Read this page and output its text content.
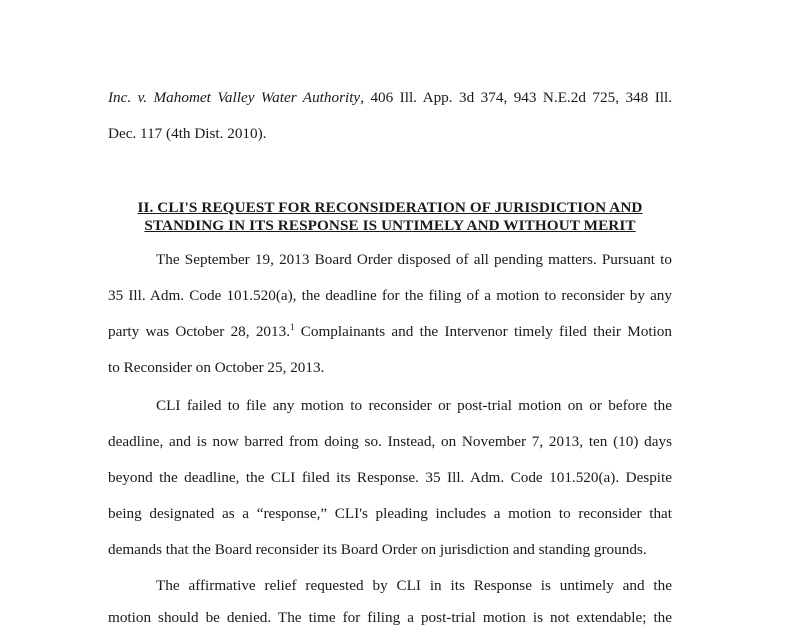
Inc. v. Mahomet Valley Water Authority, 406 Ill. App. 3d 374, 943 N.E.2d 725, 348 Ill.
Dec. 117 (4th Dist. 2010).
II. CLI'S REQUEST FOR RECONSIDERATION OF JURISDICTION AND
STANDING IN ITS RESPONSE IS UNTIMELY AND WITHOUT MERIT
The September 19, 2013 Board Order disposed of all pending matters. Pursuant to
35 Ill. Adm. Code 101.520(a), the deadline for the filing of a motion to reconsider by any
party was October 28, 2013.$^1$ Complainants and the Intervenor timely filed their Motion
to Reconsider on October 25, 2013.
CLI failed to file any motion to reconsider or post-trial motion on or before the
deadline, and is now barred from doing so. Instead, on November 7, 2013, ten (10) days
beyond the deadline, the CLI filed its Response. 35 Ill. Adm. Code 101.520(a). Despite
being designated as a “response,” CLI's pleading includes a motion to reconsider that
demands that the Board reconsider its Board Order on jurisdiction and standing grounds.
The affirmative relief requested by CLI in its Response is untimely and the
motion should be denied. The time for filing a post-trial motion is not extendable; the
